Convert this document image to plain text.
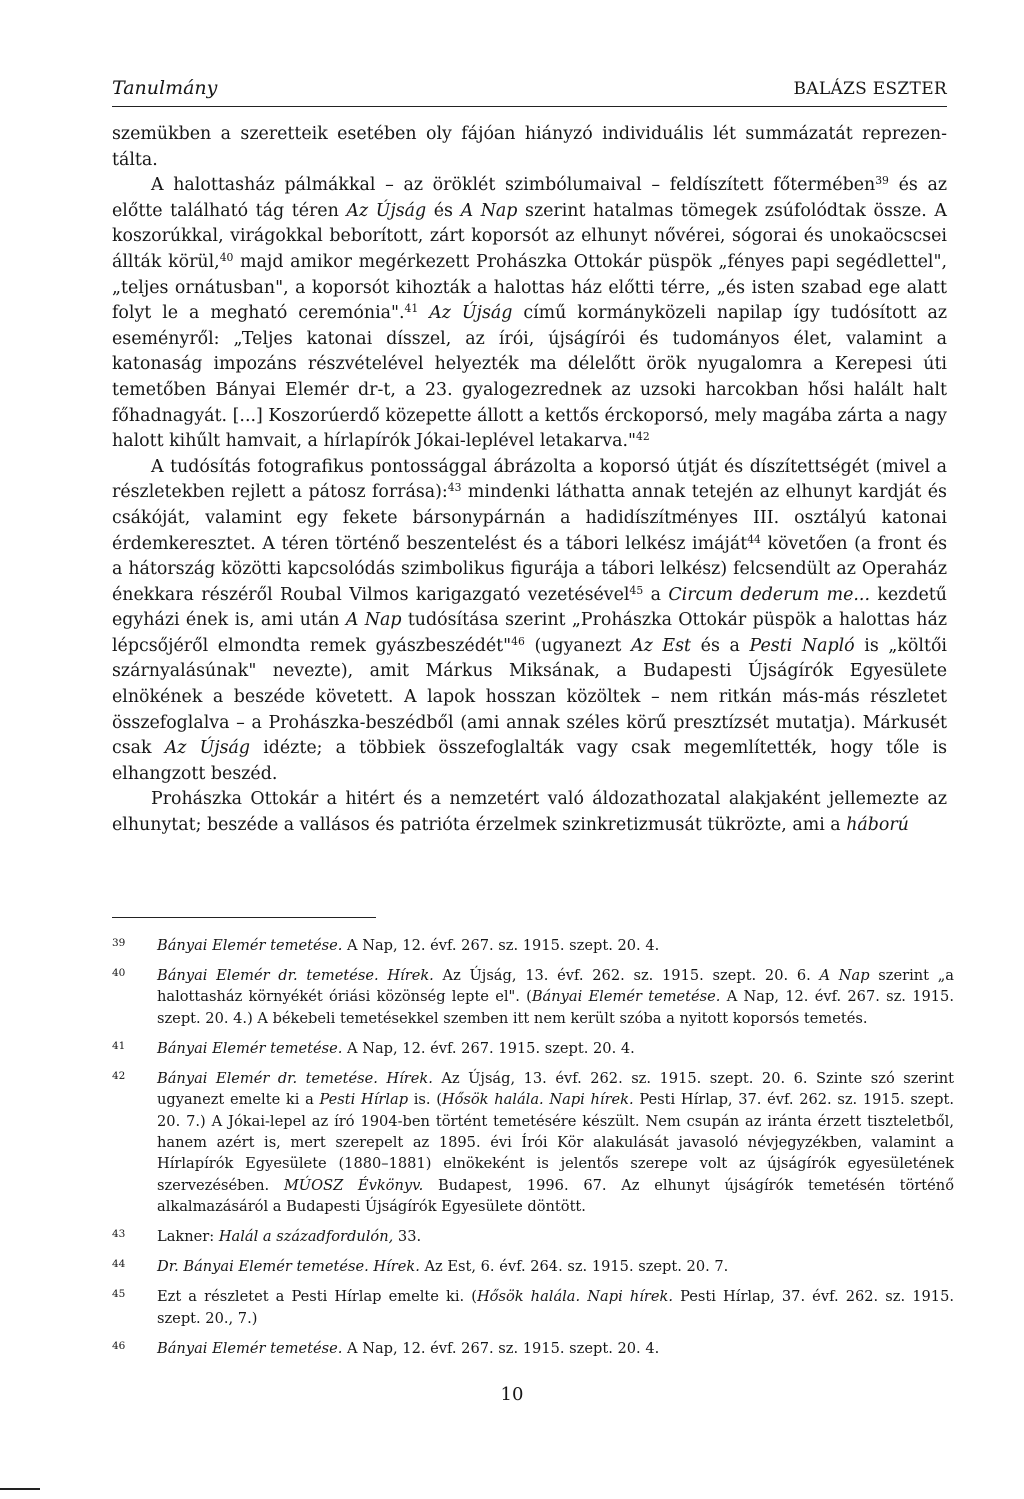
Tanulmány	BALÁZS ESZTER

szemükben a szeretteik esetében oly fájóan hiányzó individuális lét summázatát reprezentálta.

A halottasház pálmákkal – az öröklét szimbólumaival – feldíszített főtermében$^{39}$ és az előtte található tág téren Az Újság és A Nap szerint hatalmas tömegek zsúfolódtak össze. A koszorúkkal, virágokkal beborított, zárt koporsót az elhunyt nővérei, sógorai és unokaöcscsei állták körül,$^{40}$ majd amikor megérkezett Prohászka Ottokár püspök „fényes papi segédlettel", „teljes ornátusban", a koporsót kihozták a halottas ház előtti térre, „és isten szabad ege alatt folyt le a megható ceremónia".$^{41}$ Az Újság című kormányközeli napilap így tudósított az eseményről: „Teljes katonai dísszel, az írói, újságírói és tudományos élet, valamint a katonaság impozáns részvételével helyezték ma délelőtt örök nyugalomra a Kerepesi úti temetőben Bányai Elemér dr-t, a 23. gyalogezrednek az uzsoki harcokban hősi halált halt főhadnagyát. [...] Koszorúerdő közepette állott a kettős érckoporsó, mely magába zárta a nagy halott kihűlt hamvait, a hírlapírók Jókai-leplével letakarva."$^{42}$

A tudósítás fotografikus pontossággal ábrázolta a koporsó útját és díszítettségét (mivel a részletekben rejlett a pátosz forrása):$^{43}$ mindenki láthatta annak tetején az elhunyt kardját és csákóját, valamint egy fekete bársonypárnán a hadidíszítményes III. osztályú katonai érdemkeresztet. A téren történő beszentelést és a tábori lelkész imáját$^{44}$ követően (a front és a hátország közötti kapcsolódás szimbolikus figurája a tábori lelkész) felcsendült az Operaház énekkara részéről Roubal Vilmos karigazgató vezetésével$^{45}$ a Circum dederum me... kezdetű egyházi ének is, ami után A Nap tudósítása szerint „Prohászka Ottokár püspök a halottas ház lépcsőjéről elmondta remek gyászbeszédét"$^{46}$ (ugyanezt Az Est és a Pesti Napló is „költői szárnyalásúnak" nevezte), amit Márkus Miksának, a Budapesti Újságírók Egyesülete elnökének a beszéde követett. A lapok hosszan közöltek – nem ritkán más-más részletet összefoglalva – a Prohászka-beszédből (ami annak széles körű presztízsét mutatja). Márkusét csak Az Újság idézte; a többiek összefoglalták vagy csak megemlítették, hogy tőle is elhangzott beszéd.

Prohászka Ottokár a hitért és a nemzetért való áldozathozatal alakjaként jellemezte az elhunytat; beszéde a vallásos és patrióta érzelmek szinkretizmusát tükrözte, ami a háború

39 Bányai Elemér temetése. A Nap, 12. évf. 267. sz. 1915. szept. 20. 4.

40 Bányai Elemér dr. temetése. Hírek. Az Újság, 13. évf. 262. sz. 1915. szept. 20. 6. A Nap szerint „a halottasház környékét óriási közönség lepte el". (Bányai Elemér temetése. A Nap, 12. évf. 267. sz. 1915. szept. 20. 4.) A békebeli temetésekkel szemben itt nem került szóba a nyitott koporsós temetés.

41 Bányai Elemér temetése. A Nap, 12. évf. 267. 1915. szept. 20. 4.

42 Bányai Elemér dr. temetése. Hírek. Az Újság, 13. évf. 262. sz. 1915. szept. 20. 6. Szinte szó szerint ugyanezt emelte ki a Pesti Hírlap is. (Hősök halála. Napi hírek. Pesti Hírlap, 37. évf. 262. sz. 1915. szept. 20. 7.) A Jókai-lepel az író 1904-ben történt temetésére készült. Nem csupán az iránta érzett tiszteletből, hanem azért is, mert szerepelt az 1895. évi Írói Kör alakulását javasoló névjegyzékben, valamint a Hírlapírók Egyesülete (1880–1881) elnökeként is jelentős szerepe volt az újságírók egyesületének szervezésében. MÚOSZ Évkönyv. Budapest, 1996. 67. Az elhunyt újságírók temetésén történő alkalmazásáról a Budapesti Újságírók Egyesülete döntött.

43 Lakner: Halál a századfordulón, 33.

44 Dr. Bányai Elemér temetése. Hírek. Az Est, 6. évf. 264. sz. 1915. szept. 20. 7.

45 Ezt a részletet a Pesti Hírlap emelte ki. (Hősök halála. Napi hírek. Pesti Hírlap, 37. évf. 262. sz. 1915. szept. 20., 7.)

46 Bányai Elemér temetése. A Nap, 12. évf. 267. sz. 1915. szept. 20. 4.

10
